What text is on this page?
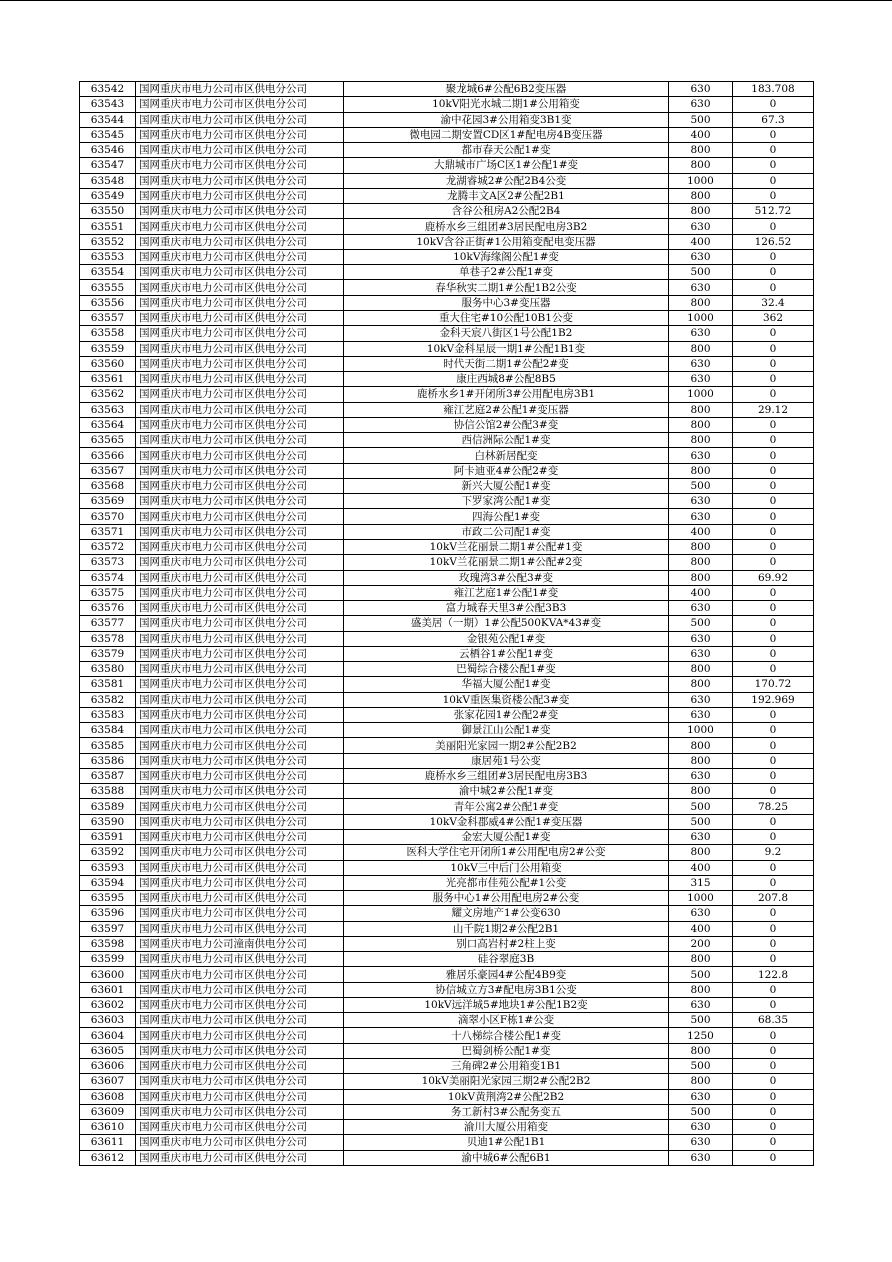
63542	国网重庆市电力公司市区供电分公司	聚龙城6#公配6B2变压器	630	183.708
63543	国网重庆市电力公司市区供电分公司	10kV阳光水城二期1#公用箱变	630	0
63544	国网重庆市电力公司市区供电分公司	渝中花园3#公用箱变3B1变	500	67.3
63545	国网重庆市电力公司市区供电分公司	微电园二期安置CD区1#配电房4B变压器	400	0
63546	国网重庆市电力公司市区供电分公司	都市春天公配1#变	800	0
63547	国网重庆市电力公司市区供电分公司	大鼎城市广场C区1#公配1#变	800	0
63548	国网重庆市电力公司市区供电分公司	龙湖睿城2#公配2B4公变	1000	0
63549	国网重庆市电力公司市区供电分公司	龙腾丰文A区2#公配2B1	800	0
63550	国网重庆市电力公司市区供电分公司	含谷公租房A2公配2B4	800	512.72
63551	国网重庆市电力公司市区供电分公司	鹿桥水乡三组团#3居民配电房3B2	630	0
63552	国网重庆市电力公司市区供电分公司	10kV含谷正街#1公用箱变配电变压器	400	126.52
63553	国网重庆市电力公司市区供电分公司	10kV海缘阁公配1#变	630	0
63554	国网重庆市电力公司市区供电分公司	单巷子2#公配1#变	500	0
63555	国网重庆市电力公司市区供电分公司	春华秋实二期1#公配1B2公变	630	0
63556	国网重庆市电力公司市区供电分公司	服务中心3#变压器	800	32.4
63557	国网重庆市电力公司市区供电分公司	重大住宅#10公配10B1公变	1000	362
63558	国网重庆市电力公司市区供电分公司	金科天宸八街区1号公配1B2	630	0
63559	国网重庆市电力公司市区供电分公司	10kV金科星辰一期1#公配1B1变	800	0
63560	国网重庆市电力公司市区供电分公司	时代天街二期1#公配2#变	630	0
63561	国网重庆市电力公司市区供电分公司	康庄西城8#公配8B5	630	0
63562	国网重庆市电力公司市区供电分公司	鹿桥水乡1#开闭所3#公用配电房3B1	1000	0
63563	国网重庆市电力公司市区供电分公司	雍江艺庭2#公配1#变压器	800	29.12
63564	国网重庆市电力公司市区供电分公司	协信公馆2#公配3#变	800	0
63565	国网重庆市电力公司市区供电分公司	西信洲际公配1#变	800	0
63566	国网重庆市电力公司市区供电分公司	白林新居配变	630	0
63567	国网重庆市电力公司市区供电分公司	阿卡迪亚4#公配2#变	800	0
63568	国网重庆市电力公司市区供电分公司	新兴大厦公配1#变	500	0
63569	国网重庆市电力公司市区供电分公司	下罗家湾公配1#变	630	0
63570	国网重庆市电力公司市区供电分公司	四海公配1#变	630	0
63571	国网重庆市电力公司市区供电分公司	市政二公司配1#变	400	0
63572	国网重庆市电力公司市区供电分公司	10kV兰花丽景二期1#公配#1变	800	0
63573	国网重庆市电力公司市区供电分公司	10kV兰花丽景二期1#公配#2变	800	0
63574	国网重庆市电力公司市区供电分公司	玫瑰湾3#公配3#变	800	69.92
63575	国网重庆市电力公司市区供电分公司	雍江艺庭1#公配1#变	400	0
63576	国网重庆市电力公司市区供电分公司	富力城春天里3#公配3B3	630	0
63577	国网重庆市电力公司市区供电分公司	盛美居（一期）1#公配500KVA*43#变	500	0
63578	国网重庆市电力公司市区供电分公司	金银苑公配1#变	630	0
63579	国网重庆市电力公司市区供电分公司	云栖谷1#公配1#变	630	0
63580	国网重庆市电力公司市区供电分公司	巴蜀综合楼公配1#变	800	0
63581	国网重庆市电力公司市区供电分公司	华福大厦公配1#变	800	170.72
63582	国网重庆市电力公司市区供电分公司	10kV重医集资楼公配3#变	630	192.969
63583	国网重庆市电力公司市区供电分公司	张家花园1#公配2#变	630	0
63584	国网重庆市电力公司市区供电分公司	御景江山公配1#变	1000	0
63585	国网重庆市电力公司市区供电分公司	美丽阳光家园一期2#公配2B2	800	0
63586	国网重庆市电力公司市区供电分公司	康居苑1号公变	800	0
63587	国网重庆市电力公司市区供电分公司	鹿桥水乡三组团#3居民配电房3B3	630	0
63588	国网重庆市电力公司市区供电分公司	渝中城2#公配1#变	800	0
63589	国网重庆市电力公司市区供电分公司	青年公寓2#公配1#变	500	78.25
63590	国网重庆市电力公司市区供电分公司	10kV金科郡威4#公配1#变压器	500	0
63591	国网重庆市电力公司市区供电分公司	金宏大厦公配1#变	630	0
63592	国网重庆市电力公司市区供电分公司	医科大学住宅开闭所1#公用配电房2#公变	800	9.2
63593	国网重庆市电力公司市区供电分公司	10kV三中后门公用箱变	400	0
63594	国网重庆市电力公司市区供电分公司	光亮都市佳苑公配#1公变	315	0
63595	国网重庆市电力公司市区供电分公司	服务中心1#公用配电房2#公变	1000	207.8
63596	国网重庆市电力公司市区供电分公司	耀文房地产1#公变630	630	0
63597	国网重庆市电力公司市区供电分公司	山千院1期2#公配2B1	400	0
63598	国网重庆市电力公司潼南供电分公司	别口高岩村#2柱上变	200	0
63599	国网重庆市电力公司市区供电分公司	硅谷翠庭3B	800	0
63600	国网重庆市电力公司市区供电分公司	雅居乐豪园4#公配4B9变	500	122.8
63601	国网重庆市电力公司市区供电分公司	协信城立方3#配电房3B1公变	800	0
63602	国网重庆市电力公司市区供电分公司	10kV远洋城5#地块1#公配1B2变	630	0
63603	国网重庆市电力公司市区供电分公司	滴翠小区F栋1#公变	500	68.35
63604	国网重庆市电力公司市区供电分公司	十八梯综合楼公配1#变	1250	0
63605	国网重庆市电力公司市区供电分公司	巴蜀剑桥公配1#变	800	0
63606	国网重庆市电力公司市区供电分公司	三角碑2#公用箱变1B1	500	0
63607	国网重庆市电力公司市区供电分公司	10kV美丽阳光家园三期2#公配2B2	800	0
63608	国网重庆市电力公司市区供电分公司	10kV黄荆湾2#公配2B2	630	0
63609	国网重庆市电力公司市区供电分公司	务工新村3#公配务变五	500	0
63610	国网重庆市电力公司市区供电分公司	渝川大厦公用箱变	630	0
63611	国网重庆市电力公司市区供电分公司	贝迪1#公配1B1	630	0
63612	国网重庆市电力公司市区供电分公司	渝中城6#公配6B1	630	0
